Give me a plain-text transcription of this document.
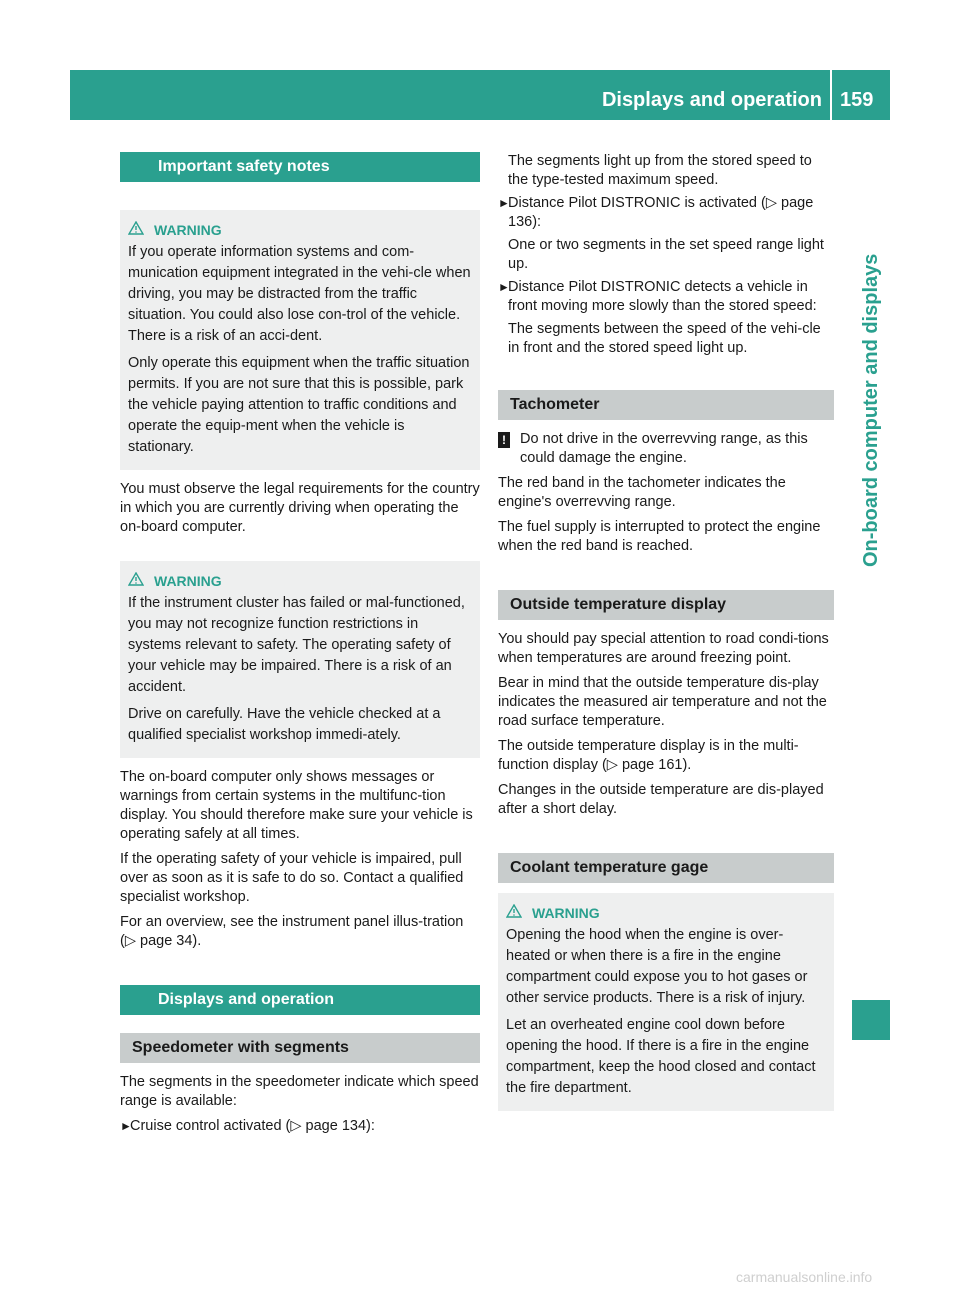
Displays and operation 159
On-board computer and displays
Important safety notes
WARNING

If you operate information systems and com-munication equipment integrated in the vehi-cle when driving, you may be distracted from the traffic situation. You could also lose con-trol of the vehicle. There is a risk of an acci-dent.

Only operate this equipment when the traffic situation permits. If you are not sure that this is possible, park the vehicle paying attention to traffic conditions and operate the equip-ment when the vehicle is stationary.

You must observe the legal requirements for the country in which you are currently driving when operating the on-board computer.

WARNING

If the instrument cluster has failed or mal-functioned, you may not recognize function restrictions in systems relevant to safety. The operating safety of your vehicle may be impaired. There is a risk of an accident.

Drive on carefully. Have the vehicle checked at a qualified specialist workshop immedi-ately.

The on-board computer only shows messages or warnings from certain systems in the multifunc-tion display. You should therefore make sure your vehicle is operating safely at all times.

If the operating safety of your vehicle is impaired, pull over as soon as it is safe to do so. Contact a qualified specialist workshop.

For an overview, see the instrument panel illus-tration (▷ page 34).

Displays and operation
Speedometer with segments

The segments in the speedometer indicate which speed range is available:

►
Cruise control activated (▷ page 134):

The segments light up from the stored speed to the type-tested maximum speed.

►
Distance Pilot DISTRONIC is activated (▷ page 136):

One or two segments in the set speed range light up.

►
Distance Pilot DISTRONIC detects a vehicle in front moving more slowly than the stored speed:

The segments between the speed of the vehi-cle in front and the stored speed light up.

Tachometer
! Do not drive in the overrevving range, as this could damage the engine.

The red band in the tachometer indicates the engine's overrevving range.

The fuel supply is interrupted to protect the engine when the red band is reached.

Outside temperature display

You should pay special attention to road condi-tions when temperatures are around freezing point.

Bear in mind that the outside temperature dis-play indicates the measured air temperature and not the road surface temperature.

The outside temperature display is in the multi-function display (▷ page 161).

Changes in the outside temperature are dis-played after a short delay.

Coolant temperature gage
WARNING

Opening the hood when the engine is over-heated or when there is a fire in the engine compartment could expose you to hot gases or other service products. There is a risk of injury.

Let an overheated engine cool down before opening the hood. If there is a fire in the engine compartment, keep the hood closed and contact the fire department.

carmanualsonline.info
